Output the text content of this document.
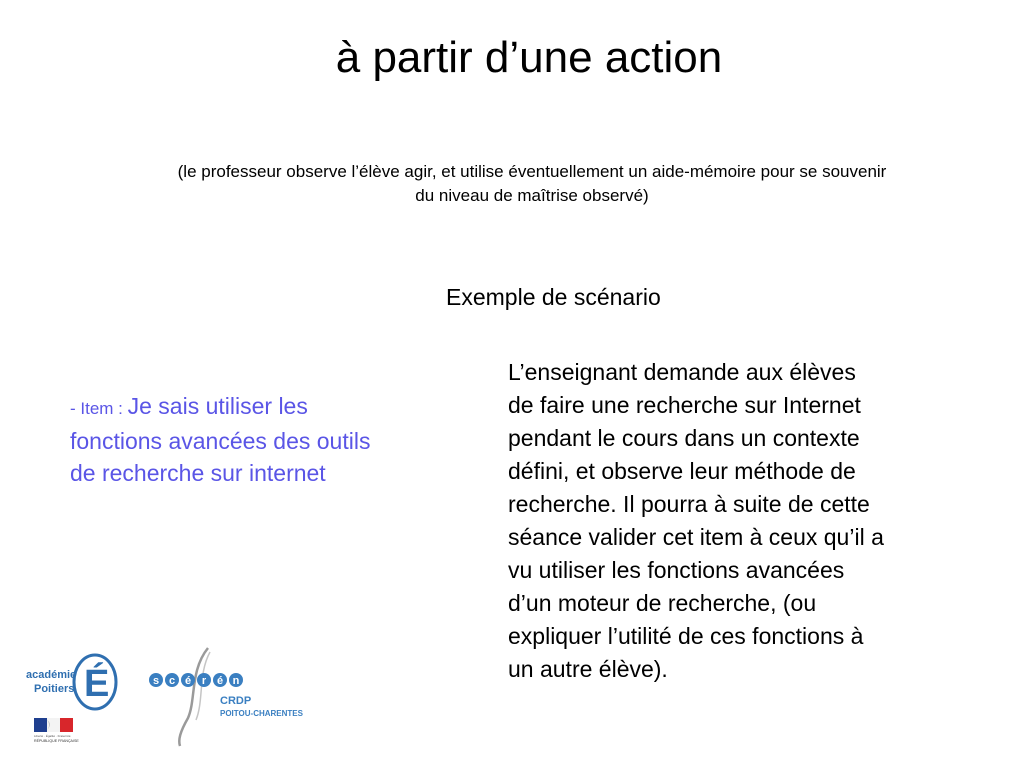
à partir d’une action
(le professeur observe l’élève agir, et utilise éventuellement un aide-mémoire pour se souvenir
du niveau de maîtrise observé)
Exemple de scénario
- Item : Je sais utiliser les
fonctions avancées des outils
de recherche sur internet
L’enseignant demande aux élèves
de faire une recherche sur Internet
pendant le cours dans un contexte
défini, et observe leur méthode de
recherche. Il pourra à suite de cette
séance valider cet item à ceux qu’il a
vu utiliser les fonctions avancées
d’un moteur de recherche, (ou
expliquer l’utilité de ces fonctions à
un autre élève).
académie
Poitiers É
Liberté · Égalité · Fraternité
RÉPUBLIQUE FRANÇAISE
s c é r é n
CRDP
POITOU-CHARENTES
